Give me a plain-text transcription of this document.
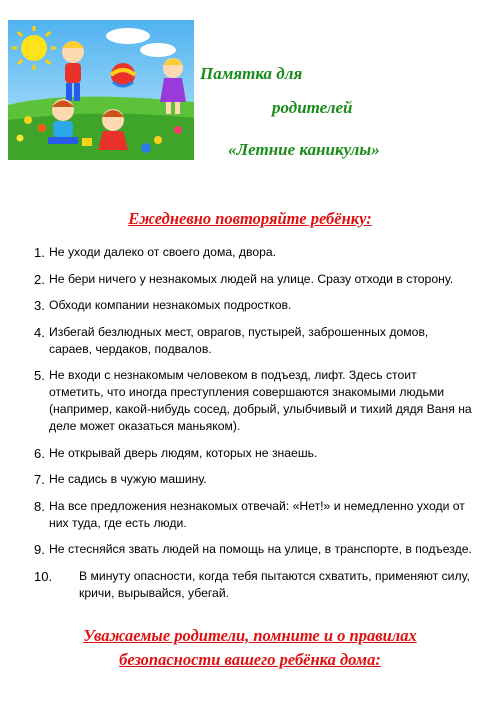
Памятка для
родителей
«Летние каникулы»
Ежедневно повторяйте ребёнку:
1. Не уходи далеко от своего дома, двора.
2. Не бери ничего у незнакомых людей на улице. Сразу отходи в сторону.
3. Обходи компании незнакомых подростков.
4. Избегай безлюдных мест, оврагов, пустырей, заброшенных домов, сараев, чердаков, подвалов.
5. Не входи с незнакомым человеком в подъезд, лифт. Здесь стоит отметить, что иногда преступления совершаются знакомыми людьми (например, какой-нибудь сосед, добрый, улыбчивый и тихий дядя Ваня на деле может оказаться маньяком).
6. Не открывай дверь людям, которых не знаешь.
7. Не садись в чужую машину.
8. На все предложения незнакомых отвечай: «Нет!» и немедленно уходи от них туда, где есть люди.
9. Не стесняйся звать людей на помощь на улице, в транспорте, в подъезде.
10. В минуту опасности, когда тебя пытаются схватить, применяют силу, кричи, вырывайся, убегай.
Уважаемые родители, помните и о правилах
безопасности вашего ребёнка дома:
